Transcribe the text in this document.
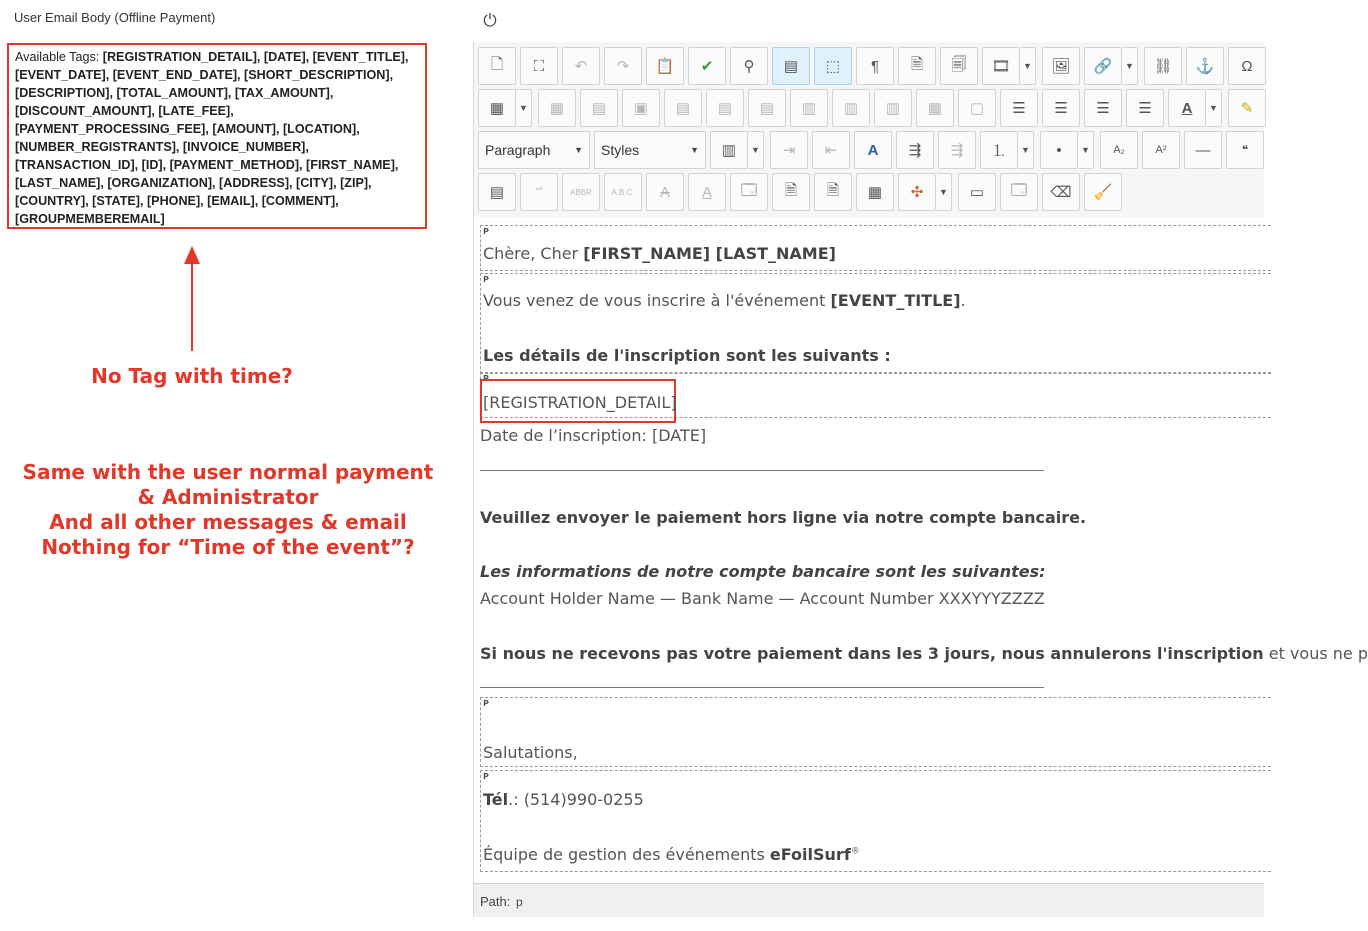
User Email Body (Offline Payment)
Available Tags: [REGISTRATION_DETAIL], [DATE], [EVENT_TITLE], [EVENT_DATE], [EVENT_END_DATE], [SHORT_DESCRIPTION], [DESCRIPTION], [TOTAL_AMOUNT], [TAX_AMOUNT], [DISCOUNT_AMOUNT], [LATE_FEE], [PAYMENT_PROCESSING_FEE], [AMOUNT], [LOCATION], [NUMBER_REGISTRANTS], [INVOICE_NUMBER], [TRANSACTION_ID], [ID], [PAYMENT_METHOD], [FIRST_NAME], [LAST_NAME], [ORGANIZATION], [ADDRESS], [CITY], [ZIP], [COUNTRY], [STATE], [PHONE], [EMAIL], [COMMENT], [GROUPMEMBEREMAIL]
No Tag with time?
Same with the user normal payment
& Administrator
And all other messages & email
Nothing for “Time of the event”?
⏻
🗋	⛶	↶	↷	📋	✔	⚲	▤	⬚	¶	🗎	🗐	🎞	▼	🖼	🔗	▼	⛓	⚓	Ω
▦	▼	▦	▤	▣	▤	▤	▤	▥	▥	▥	▦	▢	☰	☰	☰	☰	A	▼	✎
Paragraph	▼ Styles	▼	▥	▼	⇥	⇤	A	⇶	⇶	⒈	▼	•	▼	A₂	A²	—	❝
▤	“”	ABBR	A.B.C.	A	A	🗔	🗎	🗎	▦	✣	▼	▭	🗔	⌫	🧹
P
Chère, Cher [FIRST_NAME] [LAST_NAME]
P
Vous venez de vous inscrire à l'événement [EVENT_TITLE].
Les détails de l'inscription sont les suivants :
P
[REGISTRATION_DETAIL]
Date de l’inscription: [DATE]
Veuillez envoyer le paiement hors ligne via notre compte bancaire.
Les informations de notre compte bancaire sont les suivantes:
Account Holder Name — Bank Name — Account Number XXXYYYZZZZ
Si nous ne recevons pas votre paiement dans les 3 jours, nous annulerons l'inscription et vous ne p
P
Salutations,
P
Tél.: (514)990-0255
Équipe de gestion des événements eFoilSurf®
Path: p
